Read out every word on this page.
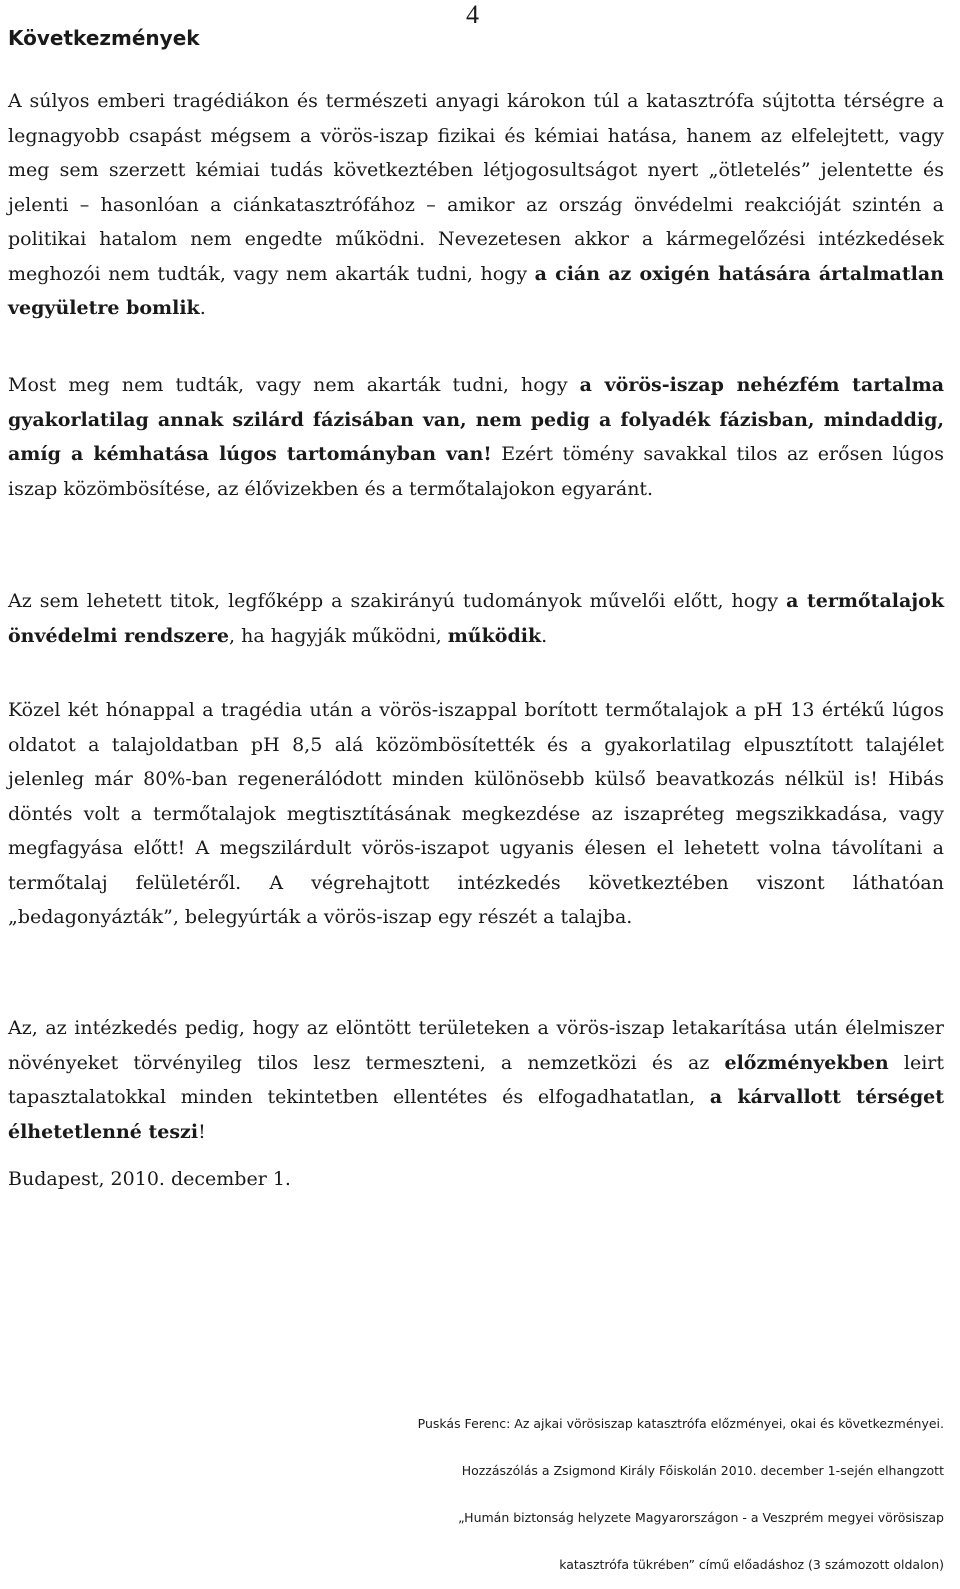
4
Következmények

A súlyos emberi tragédiákon és természeti anyagi károkon túl a katasztrófa sújtotta térségre a legnagyobb csapást mégsem a vörös-iszap fizikai és kémiai hatása, hanem az elfelejtett, vagy meg sem szerzett kémiai tudás következtében létjogosultságot nyert „ötletelés” jelentette és jelenti – hasonlóan a ciánkatasztrófához – amikor az ország önvédelmi reakcióját szintén a politikai hatalom nem engedte működni. Nevezetesen akkor a kármegelőzési intézkedések meghozói nem tudták, vagy nem akarták tudni, hogy a cián az oxigén hatására ártalmatlan vegyületre bomlik.

Most meg nem tudták, vagy nem akarták tudni, hogy a vörös-iszap nehézfém tartalma gyakorlatilag annak szilárd fázisában van, nem pedig a folyadék fázisban, mindaddig, amíg a kémhatása lúgos tartományban van! Ezért tömény savakkal tilos az erősen lúgos iszap közömbösítése, az élővizekben és a termőtalajokon egyaránt.

Az sem lehetett titok, legfőképp a szakirányú tudományok művelői előtt, hogy a termőtalajok önvédelmi rendszere, ha hagyják működni, működik.

Közel két hónappal a tragédia után a vörös-iszappal borított termőtalajok a pH 13 értékű lúgos oldatot a talajoldatban pH 8,5 alá közömbösítették és a gyakorlatilag elpusztított talajélet jelenleg már 80%-ban regenerálódott minden különösebb külső beavatkozás nélkül is! Hibás döntés volt a termőtalajok megtisztításának megkezdése az iszapréteg megszikkadása, vagy megfagyása előtt! A megszilárdult vörös-iszapot ugyanis élesen el lehetett volna távolítani a termőtalaj felületéről. A végrehajtott intézkedés következtében viszont láthatóan „bedagonyázták”, belegyúrták a vörös-iszap egy részét a talajba.

Az, az intézkedés pedig, hogy az elöntött területeken a vörös-iszap letakarítása után élelmiszer növényeket törvényileg tilos lesz termeszteni, a nemzetközi és az előzményekben leirt tapasztalatokkal minden tekintetben ellentétes és elfogadhatatlan, a kárvallott térséget élhetetlenné teszi!

Budapest, 2010. december 1.
Puskás Ferenc: Az ajkai vörösiszap katasztrófa előzményei, okai és következményei.
Hozzászólás a Zsigmond Király Főiskolán 2010. december 1-sején elhangzott
„Humán biztonság helyzete Magyarországon - a Veszprém megyei vörösiszap
katasztrófa tükrében” című előadáshoz (3 számozott oldalon)
